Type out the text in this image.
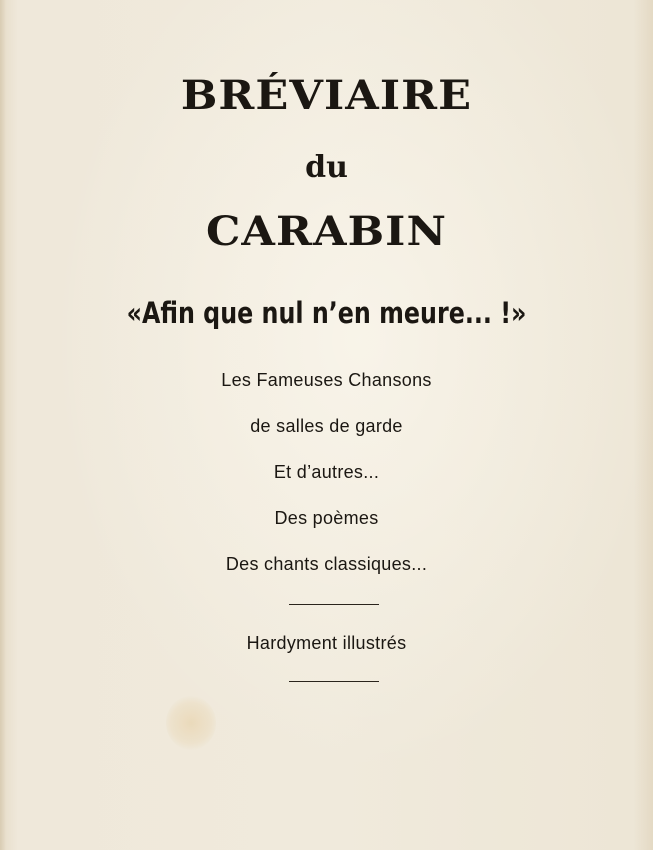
BRÉVIAIRE
du
CARABIN
«Afin que nul n’en meure... !»
Les Fameuses Chansons
de salles de garde
Et d’autres...
Des poèmes
Des chants classiques...
Hardyment illustrés
